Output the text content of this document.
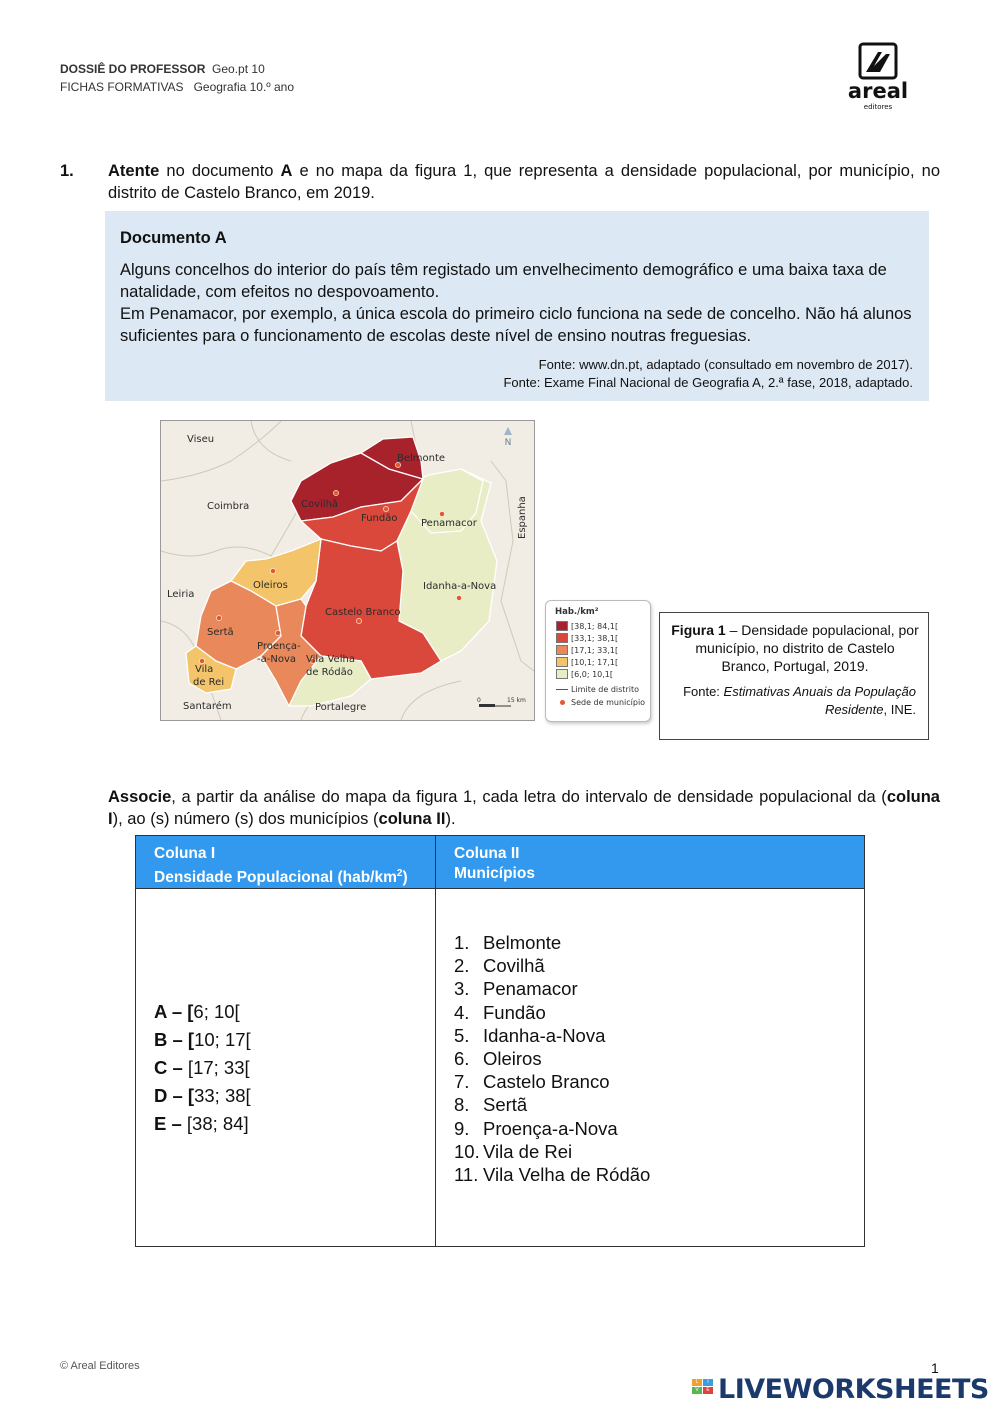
DOSSIÊ DO PROFESSOR Geo.pt 10
FICHAS FORMATIVAS Geografia 10.º ano	areal
editores
1. Atente no documento A e no mapa da figura 1, que representa a densidade populacional, por município, no distrito de Castelo Branco, em 2019.
Documento A
Alguns concelhos do interior do país têm registado um envelhecimento demográfico e uma baixa taxa de natalidade, com efeitos no despovoamento.
Em Penamacor, por exemplo, a única escola do primeiro ciclo funciona na sede de concelho. Não há alunos suficientes para o funcionamento de escolas deste nível de ensino noutras freguesias.
Fonte: www.dn.pt, adaptado (consultado em novembro de 2017).
Fonte: Exame Final Nacional de Geografia A, 2.ª fase, 2018, adaptado.
N
0	15 km
Viseu
Coimbra
Leiria
Santarém	Portalegre
Espanha
Belmonte
Covilhã
Fundão Penamacor
Idanha-a-Nova
Oleiros
Castelo Branco
Sertã
Proença-
-a-Nova Vila Velha
de Ródão
Vila
de Rei
Hab./km²
[38,1; 84,1[
[33,1; 38,1[
[17,1; 33,1[
[10,1; 17,1[
[6,0; 10,1[
Limite de distrito
Sede de município
Figura 1 – Densidade populacional, por município, no distrito de Castelo Branco, Portugal, 2019.
Fonte: Estimativas Anuais da População Residente, INE.
Associe, a partir da análise do mapa da figura 1, cada letra do intervalo de densidade populacional da (coluna I), ao (s) número (s) dos municípios (coluna II).
Coluna I
Densidade Populacional $(hab/km^2)$
Coluna II
Municípios
A – [6; 10[
B – [10; 17[
C – [17; 33[
D – [33; 38[
E – [38; 84]
1. Belmonte
2. Covilhã
3. Penamacor
4. Fundão
5. Idanha-a-Nova
6. Oleiros
7. Castelo Branco
8. Sertã
9. Proença-a-Nova
10. Vila de Rei
11. Vila Velha de Ródão
© Areal Editores	1
L	I
V	E LIVEWORKSHEETS
